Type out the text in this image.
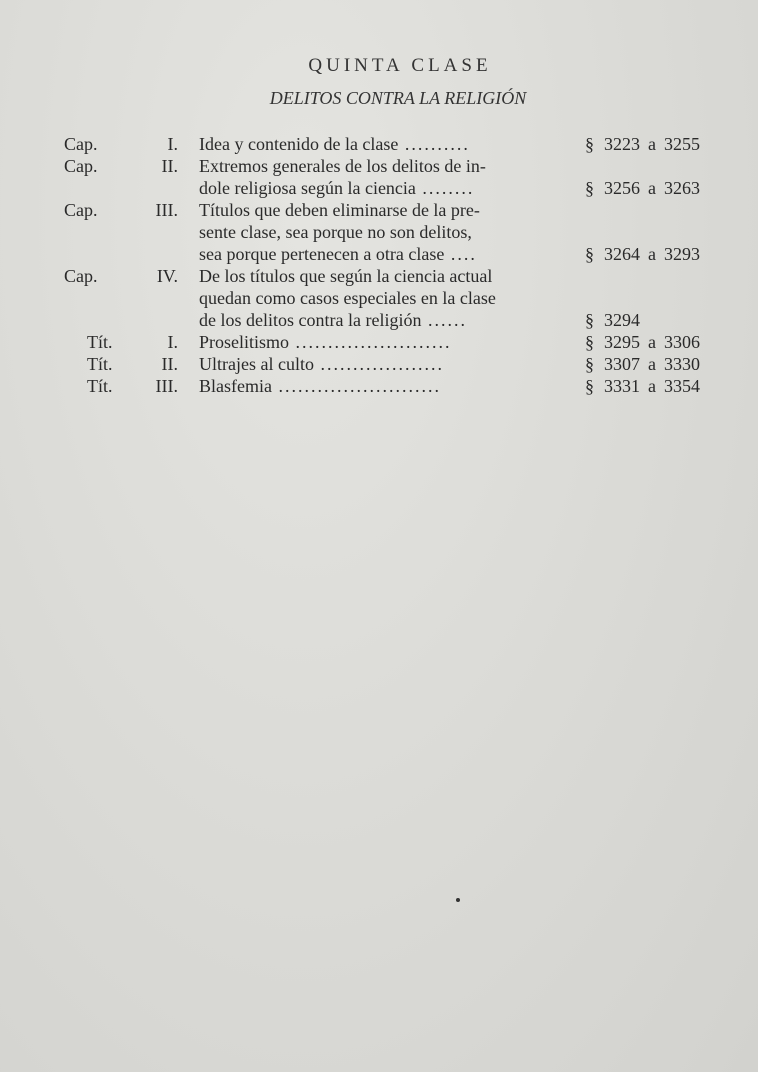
QUINTA CLASE
DELITOS CONTRA LA RELIGIÓN
Cap.	I. Idea y contenido de la clase ..........	§ 3223 a 3255
Cap.	II. Extremos generales de los delitos de in-
dole religiosa según la ciencia ........	§ 3256 a 3263
Cap.	III. Títulos que deben eliminarse de la pre-
sente clase, sea porque no son delitos,
sea porque pertenecen a otra clase ....	§ 3264 a 3293
Cap.	IV. De los títulos que según la ciencia actual
quedan como casos especiales en la clase
de los delitos contra la religión ......	§ 3294
Tít.	I. Proselitismo ........................	§ 3295 a 3306
Tít.	II. Ultrajes al culto ...................	§ 3307 a 3330
Tít. III. Blasfemia .........................	§ 3331 a 3354
